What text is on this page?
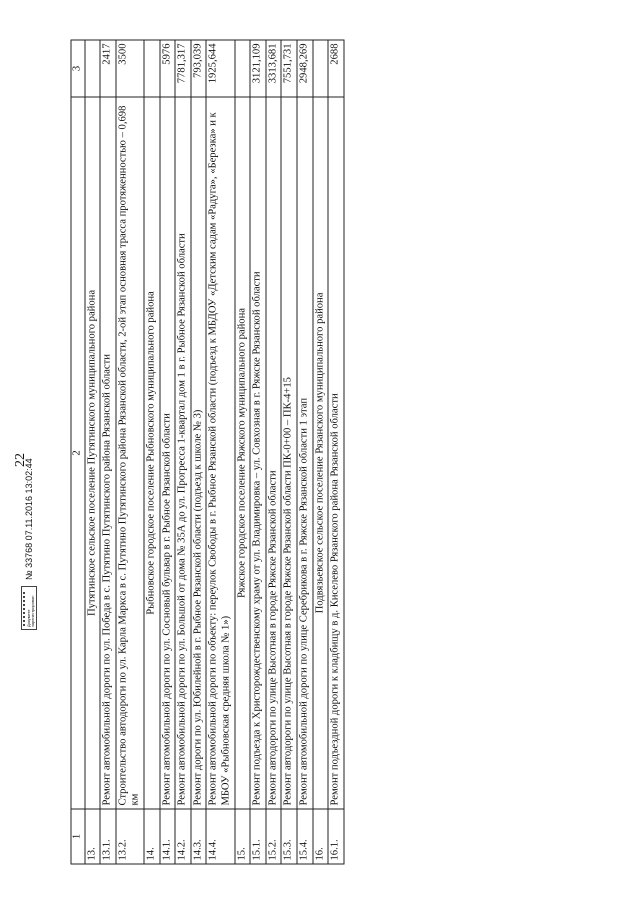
22
1	2	3
13.	Путятинское сельское поселение Путятинского муниципального района	
13.1.	Ремонт автомобильной дороги по ул. Победа в с. Путятино Путятинского района Рязанской области	2417
13.2.	Строительство автодороги по ул. Карла Маркса в с. Путятино Путятинского района Рязанской области, 2-ой этап основная трасса протяженностью – 0,698 км	3500
14.	Рыбновское городское поселение Рыбновского муниципального района	
14.1.	Ремонт автомобильной дороги по ул. Сосновый бульвар в г. Рыбное Рязанской области	5976
14.2.	Ремонт автомобильной дороги по ул. Большой от дома № 35А до ул. Прогресса 1-квартал дом 1 в г. Рыбное Рязанской области	7781,317
14.3.	Ремонт дороги по ул. Юбилейной в г. Рыбное Рязанской области (подъезд к школе № 3)	793,039
14.4.	Ремонт автомобильной дороги по объекту: переулок Свободы в г. Рыбное Рязанской области (подъезд к МБДОУ «Детским садам «Радуга», «Березка» и к МБОУ «Рыбновская средняя школа № 1»)	1925,644
15.	Ряжское городское поселение Ряжского муниципального района	
15.1.	Ремонт подъезда к Христорождественскому храму от ул. Владимировка – ул. Совхозная в г. Ряжске Рязанской области	3121,109
15.2.	Ремонт автодороги по улице Высотная в городе Ряжске Рязанской области	3313,681
15.3.	Ремонт автодороги по улице Высотная в городе Ряжске Рязанской области ПК-0+00 – ПК-4+15	7551,731
15.4.	Ремонт автомобильной дороги по улице Серебрикова в г. Ряжске Рязанской области 1 этап	2948,269
16.	Подвязьевское сельское поселение Рязанского муниципального района	
16.1.	Ремонт подъездной дороги к кладбищу в д. Киселево Рязанского района Рязанской области	2688
Документ зарегистрирован
№ 33768 07.11.2016 13:02:44
